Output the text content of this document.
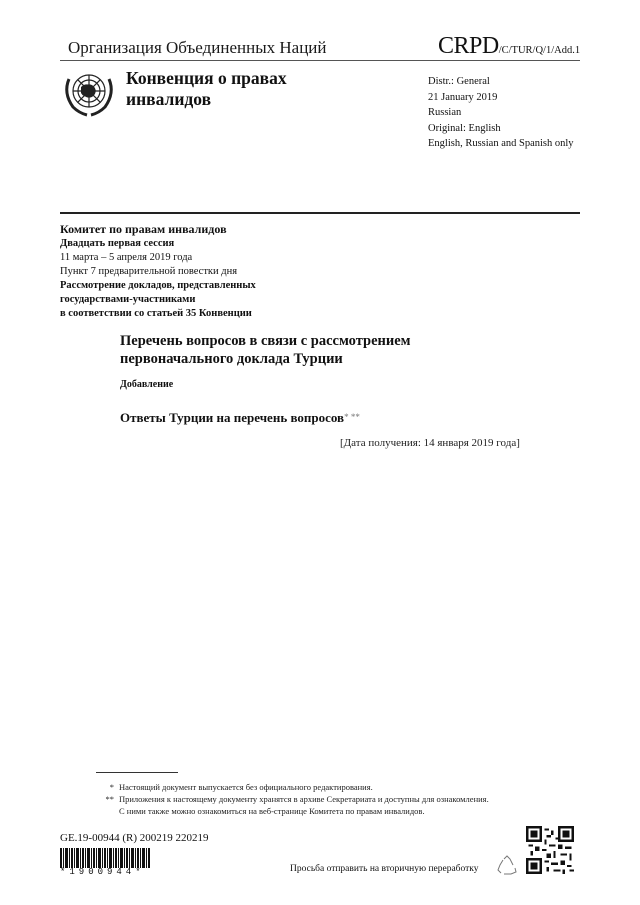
Организация Объединенных Наций	CRPD/C/TUR/Q/1/Add.1
Конвенция о правах
инвалидов
Distr.: General
21 January 2019
Russian
Original: English
English, Russian and Spanish only
Комитет по правам инвалидов
Двадцать первая сессия
11 марта – 5 апреля 2019 года
Пункт 7 предварительной повестки дня
Рассмотрение докладов, представленных
государствами-участниками
в соответствии со статьей 35 Конвенции
Перечень вопросов в связи с рассмотрением
первоначального доклада Турции
Добавление
Ответы Турции на перечень вопросов* **
[Дата получения: 14 января 2019 года]
* Настоящий документ выпускается без официального редактирования.
** Приложения к настоящему документу хранятся в архиве Секретариата и доступны для ознакомления. С ними также можно ознакомиться на веб-странице Комитета по правам инвалидов.
GE.19-00944 (R) 200219 220219
*1900944*	Просьба отправить на вторичную переработку
